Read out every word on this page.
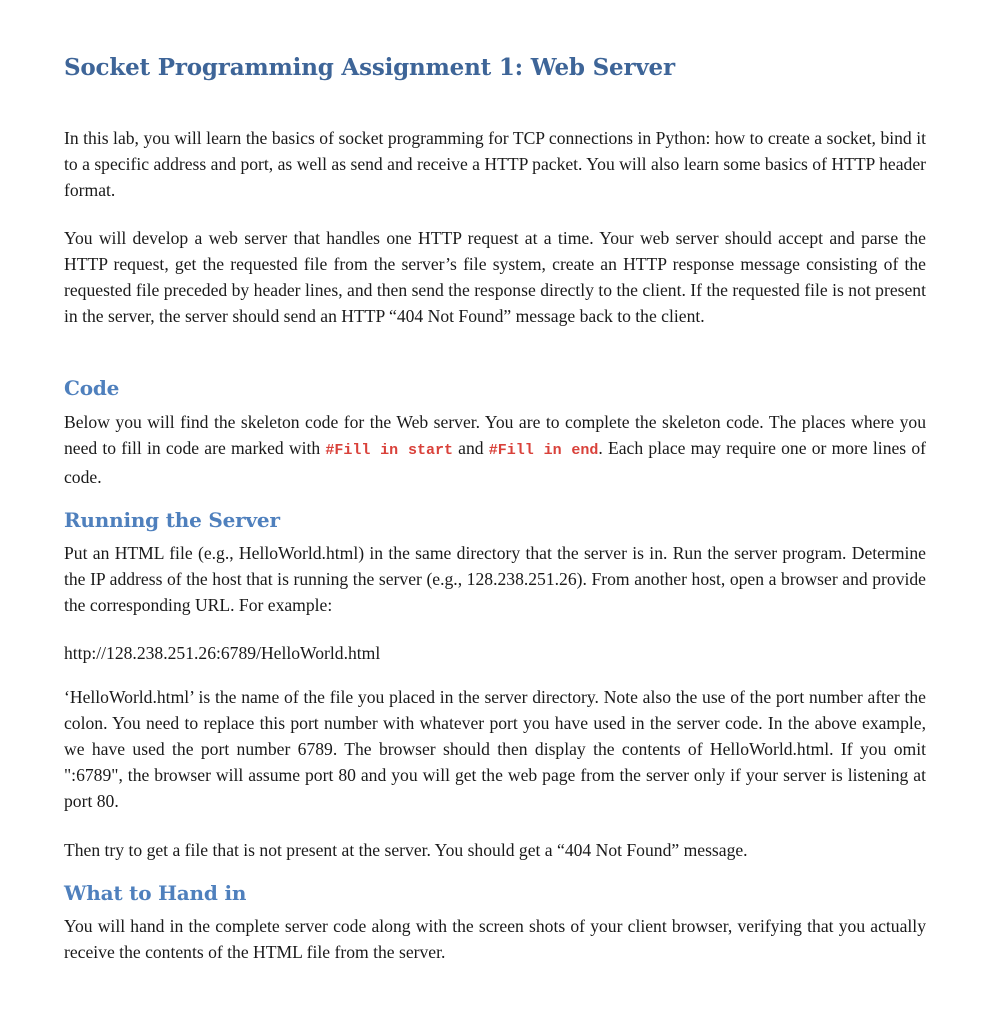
Socket Programming Assignment 1: Web Server

In this lab, you will learn the basics of socket programming for TCP connections in Python: how to create a socket, bind it to a specific address and port, as well as send and receive a HTTP packet. You will also learn some basics of HTTP header format.

You will develop a web server that handles one HTTP request at a time. Your web server should accept and parse the HTTP request, get the requested file from the server’s file system, create an HTTP response message consisting of the requested file preceded by header lines, and then send the response directly to the client. If the requested file is not present in the server, the server should send an HTTP “404 Not Found” message back to the client.

Code

Below you will find the skeleton code for the Web server. You are to complete the skeleton code. The places where you need to fill in code are marked with #Fill in start and #Fill in end. Each place may require one or more lines of code.

Running the Server

Put an HTML file (e.g., HelloWorld.html) in the same directory that the server is in. Run the server program. Determine the IP address of the host that is running the server (e.g., 128.238.251.26). From another host, open a browser and provide the corresponding URL. For example:

http://128.238.251.26:6789/HelloWorld.html

‘HelloWorld.html’ is the name of the file you placed in the server directory. Note also the use of the port number after the colon. You need to replace this port number with whatever port you have used in the server code. In the above example, we have used the port number 6789. The browser should then display the contents of HelloWorld.html. If you omit ":6789", the browser will assume port 80 and you will get the web page from the server only if your server is listening at port 80.

Then try to get a file that is not present at the server. You should get a “404 Not Found” message.

What to Hand in

You will hand in the complete server code along with the screen shots of your client browser, verifying that you actually receive the contents of the HTML file from the server.
